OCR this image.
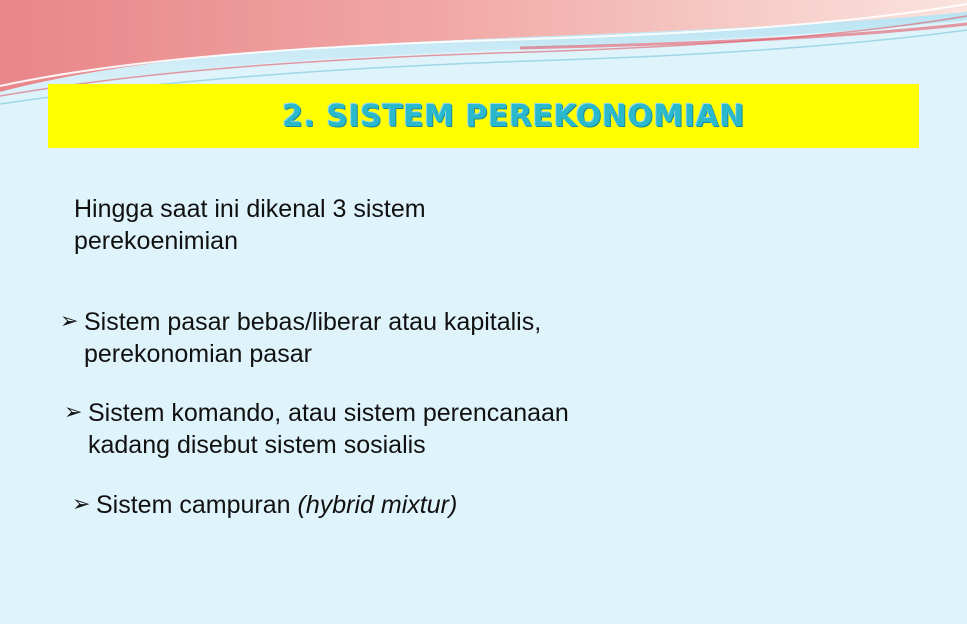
2. SISTEM PEREKONOMIAN
Hingga saat ini dikenal 3 sistem
perekoenimian
➢ Sistem pasar bebas/liberar atau kapitalis,
perekonomian pasar
➢ Sistem komando, atau sistem perencanaan
kadang disebut sistem sosialis
➢ Sistem campuran (hybrid mixtur)
